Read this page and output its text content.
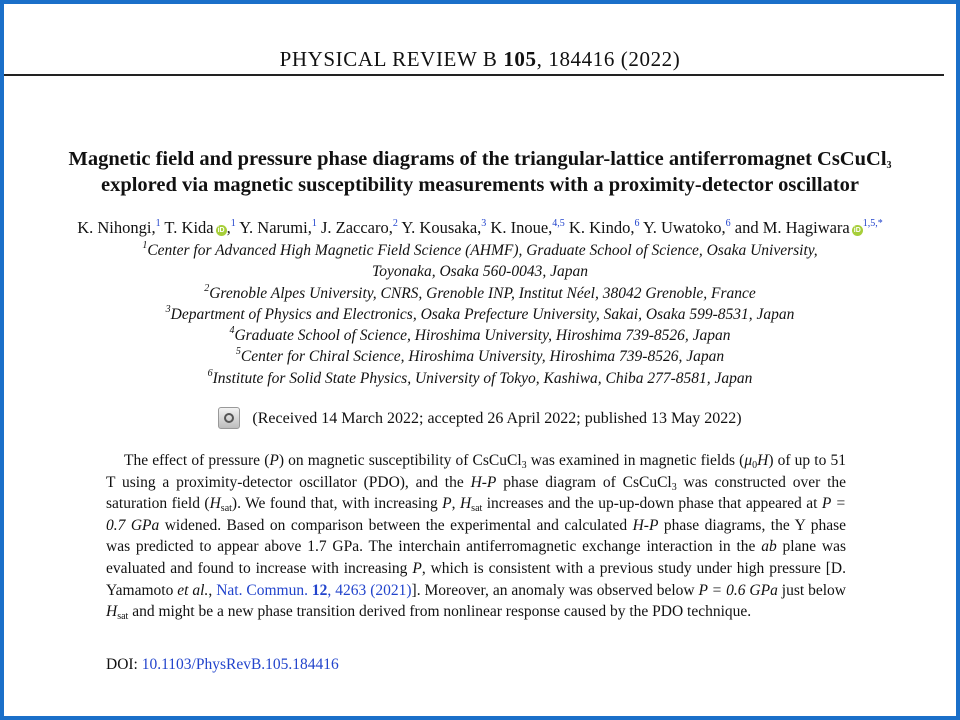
PHYSICAL REVIEW B 105, 184416 (2022)
Magnetic field and pressure phase diagrams of the triangular-lattice antiferromagnet CsCuCl$_3$
explored via magnetic susceptibility measurements with a proximity-detector oscillator
K. Nihongi,$^1$ T. Kida iD ,$^1$ Y. Narumi,$^1$ J. Zaccaro,$^2$ Y. Kousaka,$^3$ K. Inoue,$^{4,5}$ K. Kindo,$^6$ Y. Uwatoko,$^6$ and M. Hagiwara $iD^{1,5,*}$
$^1$Center for Advanced High Magnetic Field Science (AHMF), Graduate School of Science, Osaka University,
Toyonaka, Osaka 560-0043, Japan
$^2$Grenoble Alpes University, CNRS, Grenoble INP, Institut Néel, 38042 Grenoble, France
$^3$Department of Physics and Electronics, Osaka Prefecture University, Sakai, Osaka 599-8531, Japan
$^4$Graduate School of Science, Hiroshima University, Hiroshima 739-8526, Japan
$^5$Center for Chiral Science, Hiroshima University, Hiroshima 739-8526, Japan
$^6$Institute for Solid State Physics, University of Tokyo, Kashiwa, Chiba 277-8581, Japan
(Received 14 March 2022; accepted 26 April 2022; published 13 May 2022)

The effect of pressure (P) on magnetic susceptibility of CsCuCl$_3$ was examined in magnetic fields $(\mu_0H)$ of up to 51 T using a proximity-detector oscillator (PDO), and the H-P phase diagram of CsCuCl$_3$ was constructed over the saturation field $(H_{sat})$. We found that, with increasing P, $H_{sat}$ increases and the up-up-down phase that appeared at P = 0.7 GPa widened. Based on comparison between the experimental and calculated H-P phase diagrams, the Y phase was predicted to appear above 1.7 GPa. The interchain antiferromagnetic exchange interaction in the ab plane was evaluated and found to increase with increasing P, which is consistent with a previous study under high pressure [D. Yamamoto et al., Nat. Commun. 12, 4263 (2021)]. Moreover, an anomaly was observed below P = 0.6 GPa just below $H_{sat}$ and might be a new phase transition derived from nonlinear response caused by the PDO technique.

DOI: 10.1103/PhysRevB.105.184416
